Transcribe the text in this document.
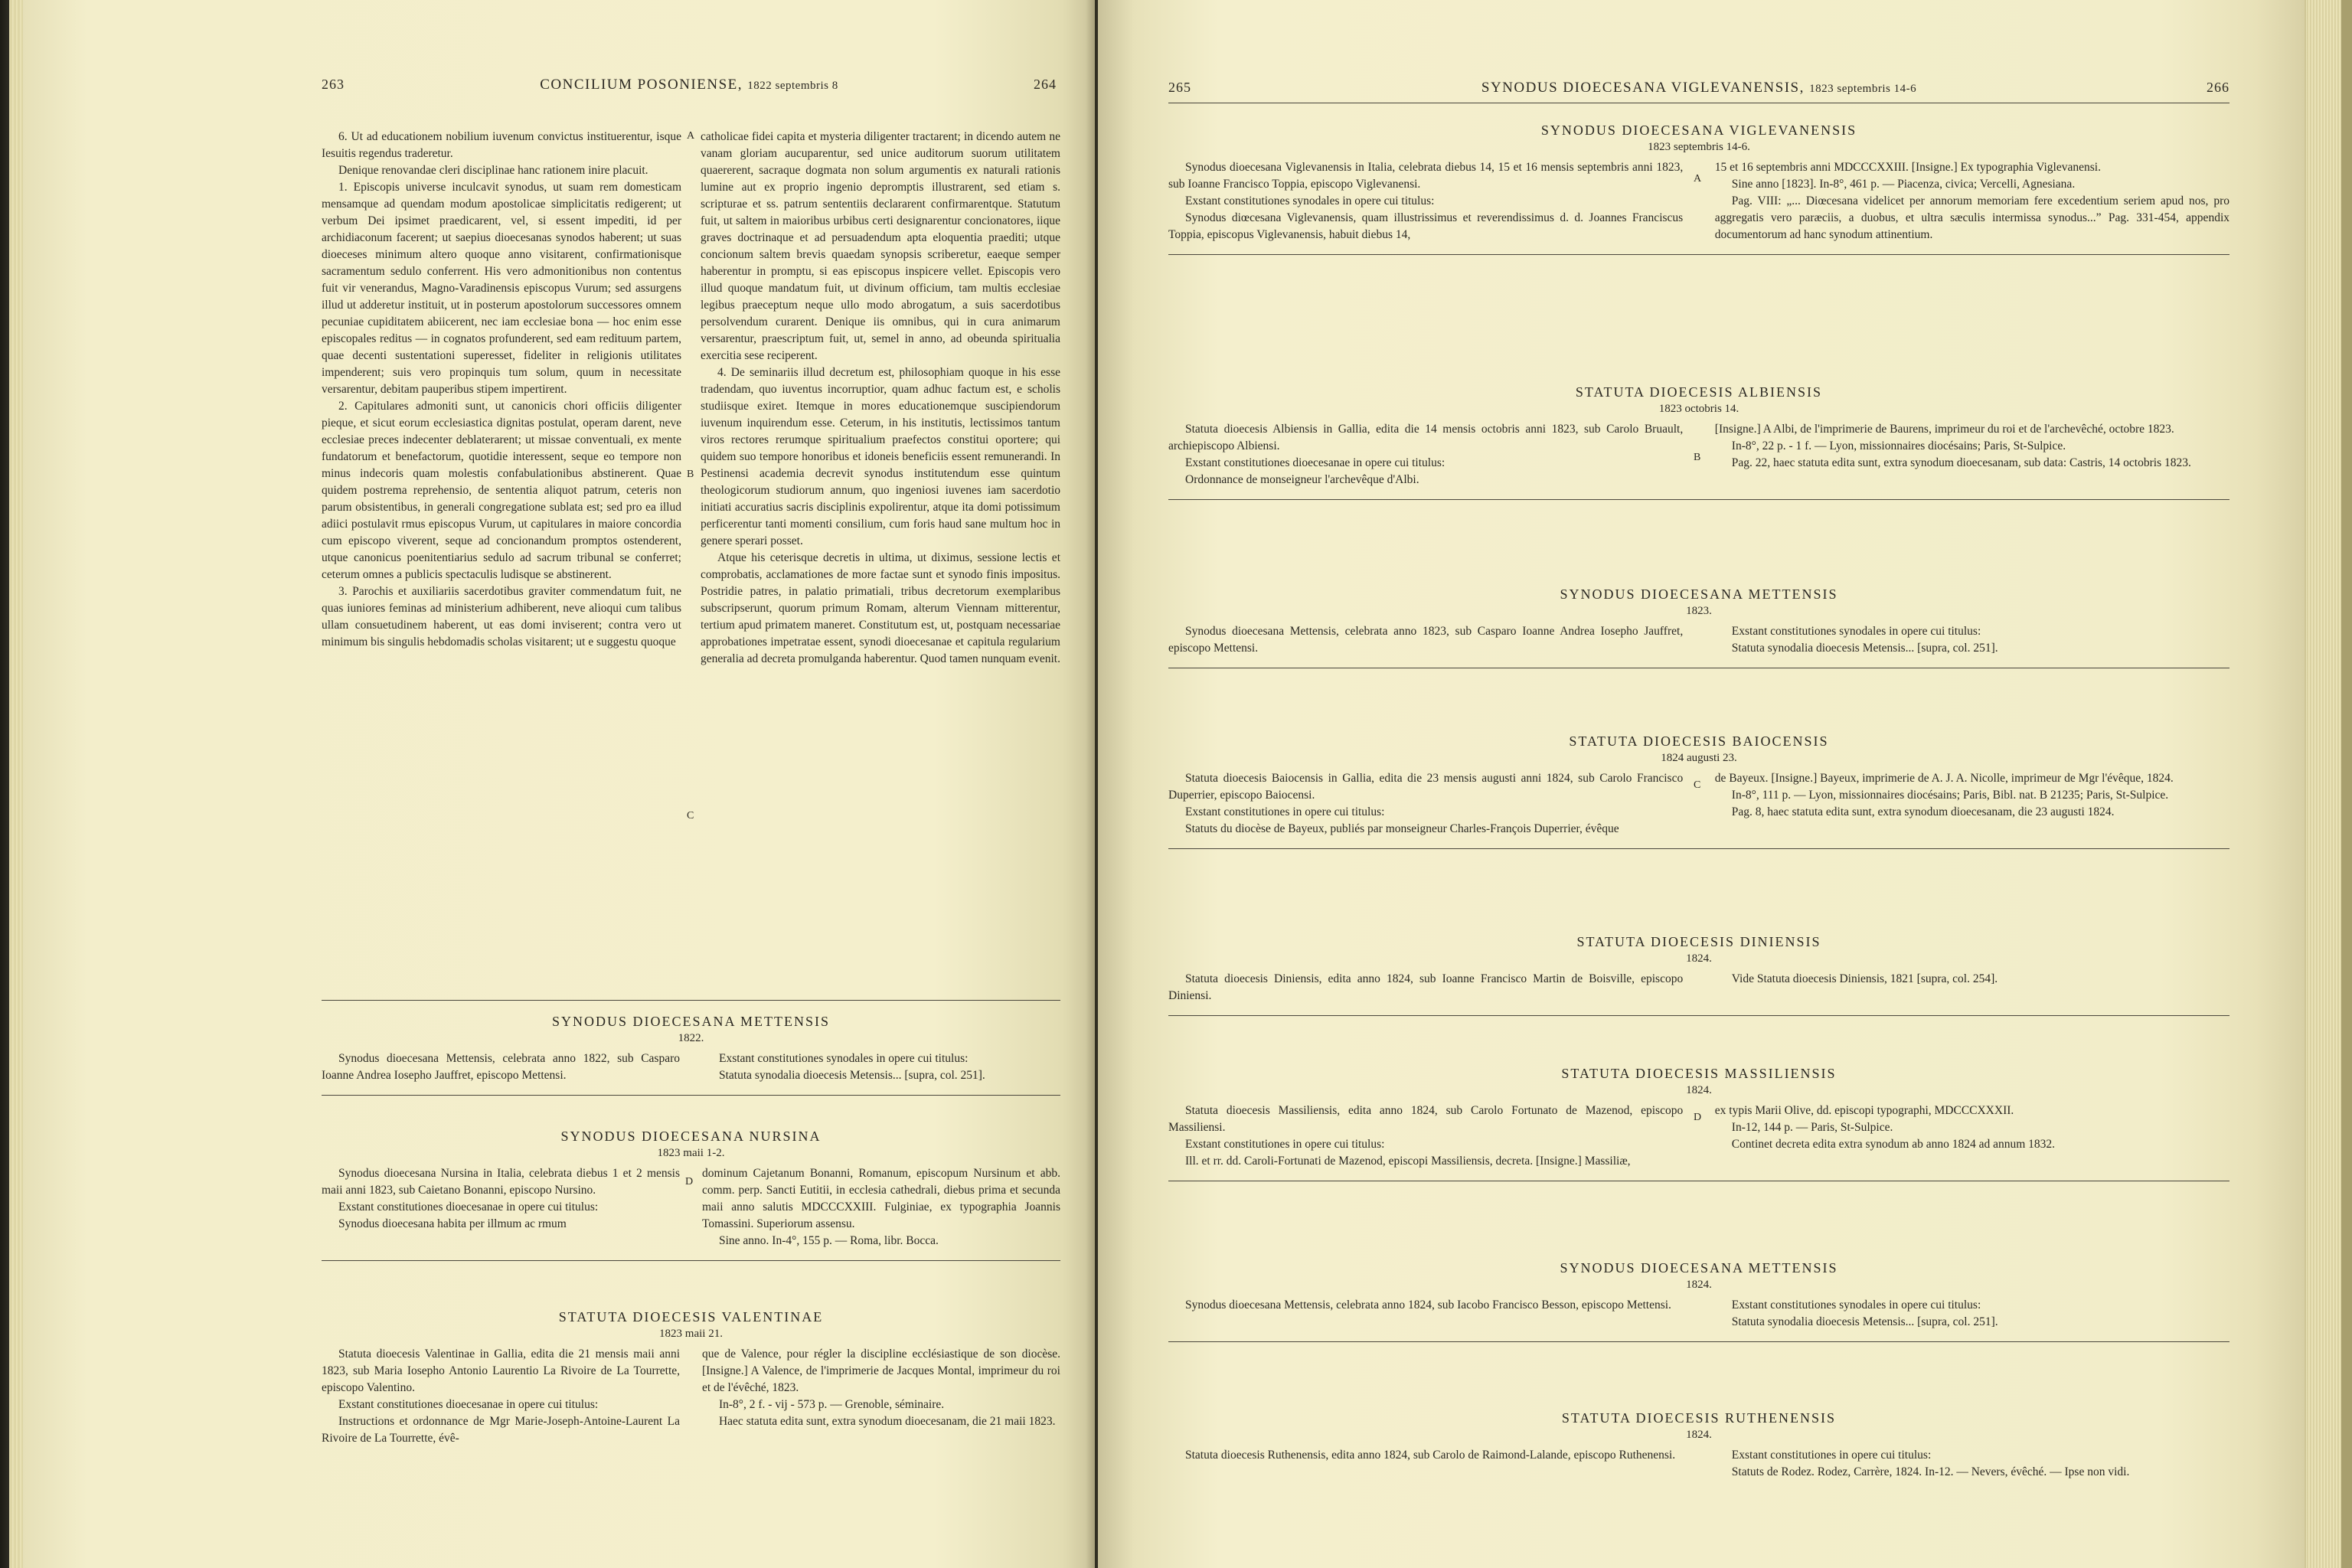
263	CONCILIUM POSONIENSE, 1822 septembris 8	264

6. Ut ad educationem nobilium iuvenum convictus instituerentur, isque Iesuitis regendus traderetur.

Denique renovandae cleri disciplinae hanc rationem inire placuit.

1. Episcopis universe inculcavit synodus, ut suam rem domesticam mensamque ad quendam modum apostolicae simplicitatis redigerent; ut verbum Dei ipsimet praedicarent, vel, si essent impediti, id per archidiaconum facerent; ut saepius dioecesanas synodos haberent; ut suas dioeceses minimum altero quoque anno visitarent, confirmationisque sacramentum sedulo conferrent. His vero admonitionibus non contentus fuit vir venerandus, Magno-Varadinensis episcopus Vurum; sed assurgens illud ut adderetur instituit, ut in posterum apostolorum successores omnem pecuniae cupiditatem abiicerent, nec iam ecclesiae bona — hoc enim esse episcopales reditus — in cognatos profunderent, sed eam redituum partem, quae decenti sustentationi superesset, fideliter in religionis utilitates impenderent; suis vero propinquis tum solum, quum in necessitate versarentur, debitam pauperibus stipem impertirent.

2. Capitulares admoniti sunt, ut canonicis chori officiis diligenter pieque, et sicut eorum ecclesiastica dignitas postulat, operam darent, neve ecclesiae preces indecenter deblaterarent; ut missae conventuali, ex mente fundatorum et benefactorum, quotidie interessent, seque eo tempore non minus indecoris quam molestis confabulationibus abstinerent. Quae quidem postrema reprehensio, de sententia aliquot patrum, ceteris non parum obsistentibus, in generali congregatione sublata est; sed pro ea illud adiici postulavit rmus episcopus Vurum, ut capitulares in maiore concordia cum episcopo viverent, seque ad concionandum promptos ostenderent, utque canonicus poenitentiarius sedulo ad sacrum tribunal se conferret; ceterum omnes a publicis spectaculis ludisque se abstinerent.

3. Parochis et auxiliariis sacerdotibus graviter commendatum fuit, ne quas iuniores feminas ad ministerium adhiberent, neve alioqui cum talibus ullam consuetudinem haberent, ut eas domi inviserent; contra vero ut minimum bis singulis hebdomadis scholas visitarent; ut e suggestu quoque

A
B
C

catholicae fidei capita et mysteria diligenter tractarent; in dicendo autem ne vanam gloriam aucuparentur, sed unice auditorum suorum utilitatem quaererent, sacraque dogmata non solum argumentis ex naturali rationis lumine aut ex proprio ingenio depromptis illustrarent, sed etiam s. scripturae et ss. patrum sententiis declararent confirmarentque. Statutum fuit, ut saltem in maioribus urbibus certi designarentur concionatores, iique graves doctrinaque et ad persuadendum apta eloquentia praediti; utque concionum saltem brevis quaedam synopsis scriberetur, eaeque semper haberentur in promptu, si eas episcopus inspicere vellet. Episcopis vero illud quoque mandatum fuit, ut divinum officium, tam multis ecclesiae legibus praeceptum neque ullo modo abrogatum, a suis sacerdotibus persolvendum curarent. Denique iis omnibus, qui in cura animarum versarentur, praescriptum fuit, ut, semel in anno, ad obeunda spiritualia exercitia sese reciperent.

4. De seminariis illud decretum est, philosophiam quoque in his esse tradendam, quo iuventus incorruptior, quam adhuc factum est, e scholis studiisque exiret. Itemque in mores educationemque suscipiendorum iuvenum inquirendum esse. Ceterum, in his institutis, lectissimos tantum viros rectores rerumque spiritualium praefectos constitui oportere; qui quidem suo tempore honoribus et idoneis beneficiis essent remunerandi. In Pestinensi academia decrevit synodus institutendum esse quintum theologicorum studiorum annum, quo ingeniosi iuvenes iam sacerdotio initiati accuratius sacris disciplinis expolirentur, atque ita domi potissimum perficerentur tanti momenti consilium, cum foris haud sane multum hoc in genere sperari posset.

Atque his ceterisque decretis in ultima, ut diximus, sessione lectis et comprobatis, acclamationes de more factae sunt et synodo finis impositus. Postridie patres, in palatio primatiali, tribus decretorum exemplaribus subscripserunt, quorum primum Romam, alterum Viennam mitterentur, tertium apud primatem maneret. Constitutum est, ut, postquam necessariae approbationes impetratae essent, synodi dioecesanae et capitula regularium generalia ad decreta promulganda haberentur. Quod tamen nunquam evenit.

SYNODUS DIOECESANA METTENSIS
1822.

Synodus dioecesana Mettensis, celebrata anno 1822, sub Casparo Ioanne Andrea Iosepho Jauffret, episcopo Mettensi.

Exstant constitutiones synodales in opere cui titulus:

Statuta synodalia dioecesis Metensis... [supra, col. 251].

SYNODUS DIOECESANA NURSINA
1823 maii 1-2.

Synodus dioecesana Nursina in Italia, celebrata diebus 1 et 2 mensis maii anni 1823, sub Caietano Bonanni, episcopo Nursino.

Exstant constitutiones dioecesanae in opere cui titulus:

Synodus dioecesana habita per illmum ac rmum

dominum Cajetanum Bonanni, Romanum, episcopum Nursinum et abb. comm. perp. Sancti Eutitii, in ecclesia cathedrali, diebus prima et secunda maii anno salutis MDCCCXXIII. Fulginiae, ex typographia Joannis Tomassini. Superiorum assensu.

Sine anno. In-4°, 155 p. — Roma, libr. Bocca.

D
STATUTA DIOECESIS VALENTINAE
1823 maii 21.

Statuta dioecesis Valentinae in Gallia, edita die 21 mensis maii anni 1823, sub Maria Iosepho Antonio Laurentio La Rivoire de La Tourrette, episcopo Valentino.

Exstant constitutiones dioecesanae in opere cui titulus:

Instructions et ordonnance de Mgr Marie-Joseph-Antoine-Laurent La Rivoire de La Tourrette, évê-

que de Valence, pour régler la discipline ecclésiastique de son diocèse. [Insigne.] A Valence, de l'imprimerie de Jacques Montal, imprimeur du roi et de l'évêché, 1823.

In-8°, 2 f. - vij - 573 p. — Grenoble, séminaire.

Haec statuta edita sunt, extra synodum dioecesanam, die 21 maii 1823.

265	SYNODUS DIOECESANA VIGLEVANENSIS, 1823 septembris 14-6	266
SYNODUS DIOECESANA VIGLEVANENSIS
1823 septembris 14-6.

Synodus dioecesana Viglevanensis in Italia, celebrata diebus 14, 15 et 16 mensis septembris anni 1823, sub Ioanne Francisco Toppia, episcopo Viglevanensi.

Exstant constitutiones synodales in opere cui titulus:

Synodus diœcesana Viglevanensis, quam illustrissimus et reverendissimus d. d. Joannes Franciscus Toppia, episcopus Viglevanensis, habuit diebus 14,

15 et 16 septembris anni MDCCCXXIII. [Insigne.] Ex typographia Viglevanensi.

Sine anno [1823]. In-8°, 461 p. — Piacenza, civica; Vercelli, Agnesiana.

Pag. VIII: „... Diœcesana videlicet per annorum memoriam fere excedentium seriem apud nos, pro aggregatis vero paræciis, a duobus, et ultra sæculis intermissa synodus...” Pag. 331-454, appendix documentorum ad hanc synodum attinentium.

A
STATUTA DIOECESIS ALBIENSIS
1823 octobris 14.

Statuta dioecesis Albiensis in Gallia, edita die 14 mensis octobris anni 1823, sub Carolo Bruault, archiepiscopo Albiensi.

Exstant constitutiones dioecesanae in opere cui titulus:

Ordonnance de monseigneur l'archevêque d'Albi.

[Insigne.] A Albi, de l'imprimerie de Baurens, imprimeur du roi et de l'archevêché, octobre 1823.

In-8°, 22 p. - 1 f. — Lyon, missionnaires diocésains; Paris, St-Sulpice.

Pag. 22, haec statuta edita sunt, extra synodum dioecesanam, sub data: Castris, 14 octobris 1823.

B
SYNODUS DIOECESANA METTENSIS
1823.

Synodus dioecesana Mettensis, celebrata anno 1823, sub Casparo Ioanne Andrea Iosepho Jauffret, episcopo Mettensi.

Exstant constitutiones synodales in opere cui titulus:

Statuta synodalia dioecesis Metensis... [supra, col. 251].

STATUTA DIOECESIS BAIOCENSIS
1824 augusti 23.

Statuta dioecesis Baiocensis in Gallia, edita die 23 mensis augusti anni 1824, sub Carolo Francisco Duperrier, episcopo Baiocensi.

Exstant constitutiones in opere cui titulus:

Statuts du diocèse de Bayeux, publiés par monseigneur Charles-François Duperrier, évêque

de Bayeux. [Insigne.] Bayeux, imprimerie de A. J. A. Nicolle, imprimeur de Mgr l'évêque, 1824.

In-8°, 111 p. — Lyon, missionnaires diocésains; Paris, Bibl. nat. B 21235; Paris, St-Sulpice.

Pag. 8, haec statuta edita sunt, extra synodum dioecesanam, die 23 augusti 1824.

C
STATUTA DIOECESIS DINIENSIS
1824.

Statuta dioecesis Diniensis, edita anno 1824, sub Ioanne Francisco Martin de Boisville, episcopo Diniensi.

Vide Statuta dioecesis Diniensis, 1821 [supra, col. 254].

STATUTA DIOECESIS MASSILIENSIS
1824.

Statuta dioecesis Massiliensis, edita anno 1824, sub Carolo Fortunato de Mazenod, episcopo Massiliensi.

Exstant constitutiones in opere cui titulus:

Ill. et rr. dd. Caroli-Fortunati de Mazenod, episcopi Massiliensis, decreta. [Insigne.] Massiliæ,

ex typis Marii Olive, dd. episcopi typographi, MDCCCXXXII.

In-12, 144 p. — Paris, St-Sulpice.

Continet decreta edita extra synodum ab anno 1824 ad annum 1832.

D
SYNODUS DIOECESANA METTENSIS
1824.

Synodus dioecesana Mettensis, celebrata anno 1824, sub Iacobo Francisco Besson, episcopo Mettensi.	Exstant constitutiones synodales in opere cui titulus:

Statuta synodalia dioecesis Metensis... [supra, col. 251].

STATUTA DIOECESIS RUTHENENSIS
1824.

Statuta dioecesis Ruthenensis, edita anno 1824, sub Carolo de Raimond-Lalande, episcopo Ruthenensi.	Exstant constitutiones in opere cui titulus:

Statuts de Rodez. Rodez, Carrère, 1824. In-12. — Nevers, évêché. — Ipse non vidi.
